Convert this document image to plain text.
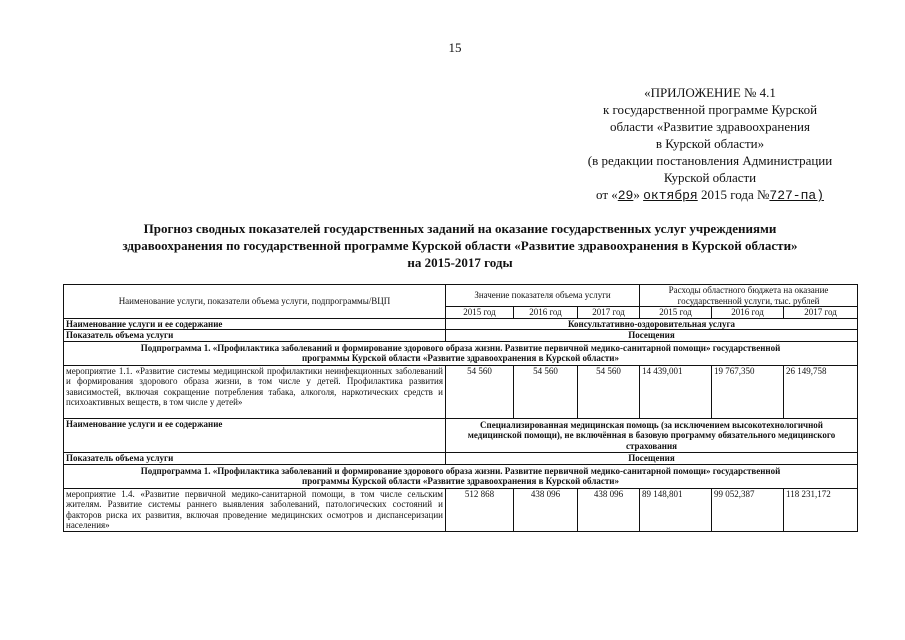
15
«ПРИЛОЖЕНИЕ № 4.1
к государственной программе Курской
области «Развитие здравоохранения
в Курской области»
(в редакции постановления Администрации
Курской области
от «29» октября 2015 года №727-па)
Прогноз сводных показателей государственных заданий на оказание государственных услуг учреждениями
здравоохранения по государственной программе Курской области «Развитие здравоохранения в Курской области»
на 2015-2017 годы
Наименование услуги, показатели объема услуги, подпрограммы/ВЦП	Значение показателя объема услуги			Расходы областного бюджета на оказание государственной услуги, тыс. рублей		
	2015 год	2016 год	2017 год	2015 год	2016 год	2017 год
Наименование услуги и ее содержание	Консультативно-оздоровительная услуга					
Показатель объема услуги	Посещения					
Подпрограмма 1. «Профилактика заболеваний и формирование здорового образа жизни. Развитие первичной медико-санитарной помощи» государственной программы Курской области «Развитие здравоохранения в Курской области»						
мероприятие 1.1. «Развитие системы медицинской профилактики неинфекционных заболеваний и формирования здорового образа жизни, в том числе у детей. Профилактика развития зависимостей, включая сокращение потребления табака, алкоголя, наркотических средств и психоактивных веществ, в том числе у детей»	54 560	54 560	54 560	14 439,001	19 767,350	26 149,758
Наименование услуги и ее содержание	Специализированная медицинская помощь (за исключением высокотехнологичной медицинской помощи), не включённая в базовую программу обязательного медицинского страхования					
Показатель объема услуги	Посещения					
Подпрограмма 1. «Профилактика заболеваний и формирование здорового образа жизни. Развитие первичной медико-санитарной помощи» государственной программы Курской области «Развитие здравоохранения в Курской области»						
мероприятие 1.4. «Развитие первичной медико-санитарной помощи, в том числе сельским жителям. Развитие системы раннего выявления заболеваний, патологических состояний и факторов риска их развития, включая проведение медицинских осмотров и диспансеризации населения»	512 868	438 096	438 096	89 148,801	99 052,387	118 231,172
